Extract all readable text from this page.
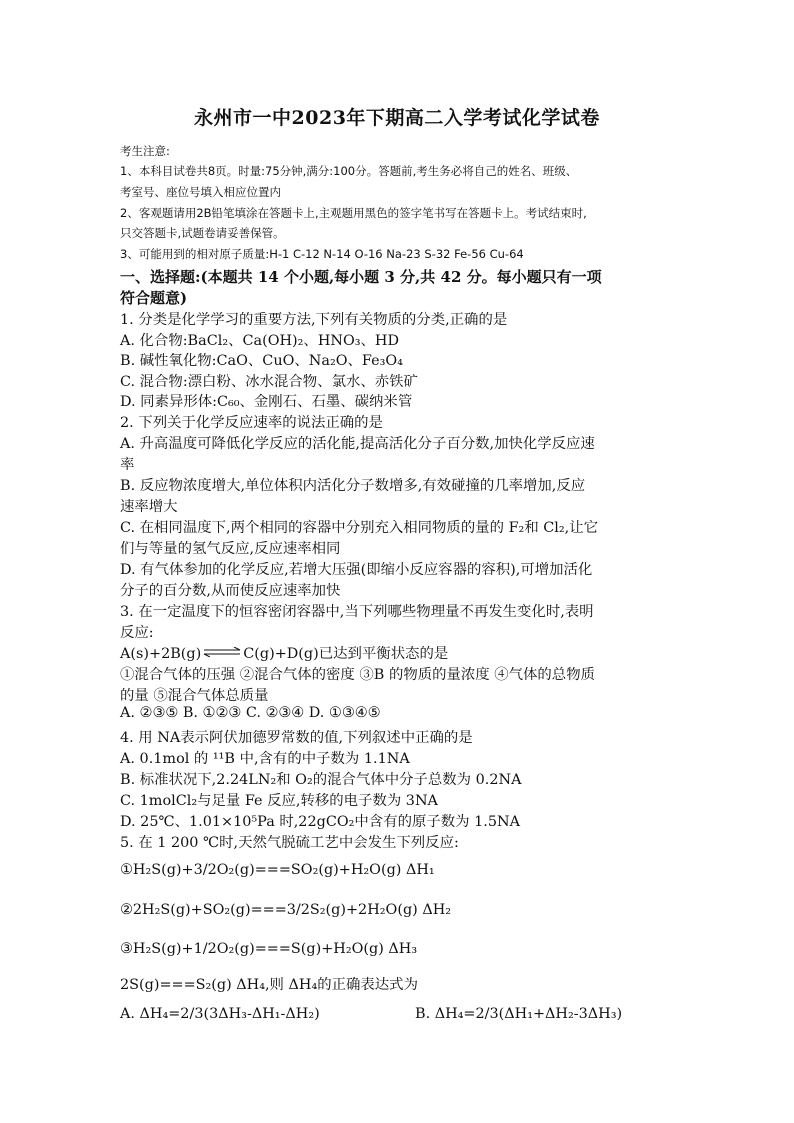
永州市一中2023年下期高二入学考试化学试卷
考生注意:
1、本科目试卷共8页。时量:75分钟,满分:100分。答题前,考生务必将自己的姓名、班级、
考室号、座位号填入相应位置内
2、客观题请用2B铅笔填涂在答题卡上,主观题用黑色的签字笔书写在答题卡上。考试结束时,
只交答题卡,试题卷请妥善保管。
3、可能用到的相对原子质量:H-1 C-12 N-14 O-16 Na-23 S-32 Fe-56 Cu-64
一、选择题:(本题共 14 个小题,每小题 3 分,共 42 分。每小题只有一项
符合题意)
1. 分类是化学学习的重要方法,下列有关物质的分类,正确的是
A. 化合物:BaCl₂、Ca(OH)₂、HNO₃、HD
B. 碱性氧化物:CaO、CuO、Na₂O、Fe₃O₄
C. 混合物:漂白粉、冰水混合物、氯水、赤铁矿
D. 同素异形体:C₆₀、金刚石、石墨、碳纳米管
2. 下列关于化学反应速率的说法正确的是
A. 升高温度可降低化学反应的活化能,提高活化分子百分数,加快化学反应速
率
B. 反应物浓度增大,单位体积内活化分子数增多,有效碰撞的几率增加,反应
速率增大
C. 在相同温度下,两个相同的容器中分别充入相同物质的量的 F₂和 Cl₂,让它
们与等量的氢气反应,反应速率相同
D. 有气体参加的化学反应,若增大压强(即缩小反应容器的容积),可增加活化
分子的百分数,从而使反应速率加快
3. 在一定温度下的恒容密闭容器中,当下列哪些物理量不再发生变化时,表明
反应:
A(s)+2B(g)⇌C(g)+D(g)已达到平衡状态的是
①混合气体的压强 ②混合气体的密度 ③B 的物质的量浓度 ④气体的总物质
的量 ⑤混合气体总质量
A. ②③⑤ B. ①②③ C. ②③④ D. ①③④⑤
4. 用 NA表示阿伏加德罗常数的值,下列叙述中正确的是
A. 0.1mol 的 ¹¹B 中,含有的中子数为 1.1NA
B. 标准状况下,2.24LN₂和 O₂的混合气体中分子总数为 0.2NA
C. 1molCl₂与足量 Fe 反应,转移的电子数为 3NA
D. 25℃、1.01×10⁵Pa 时,22gCO₂中含有的原子数为 1.5NA
5. 在 1 200 ℃时,天然气脱硫工艺中会发生下列反应:
①H₂S(g)+3/2O₂(g)===SO₂(g)+H₂O(g) ΔH₁
②2H₂S(g)+SO₂(g)===3/2S₂(g)+2H₂O(g) ΔH₂
③H₂S(g)+1/2O₂(g)===S(g)+H₂O(g) ΔH₃
2S(g)===S₂(g) ΔH₄,则 ΔH₄的正确表达式为
A. ΔH₄=2/3(3ΔH₃-ΔH₁-ΔH₂)	B. ΔH₄=2/3(ΔH₁+ΔH₂-3ΔH₃)
